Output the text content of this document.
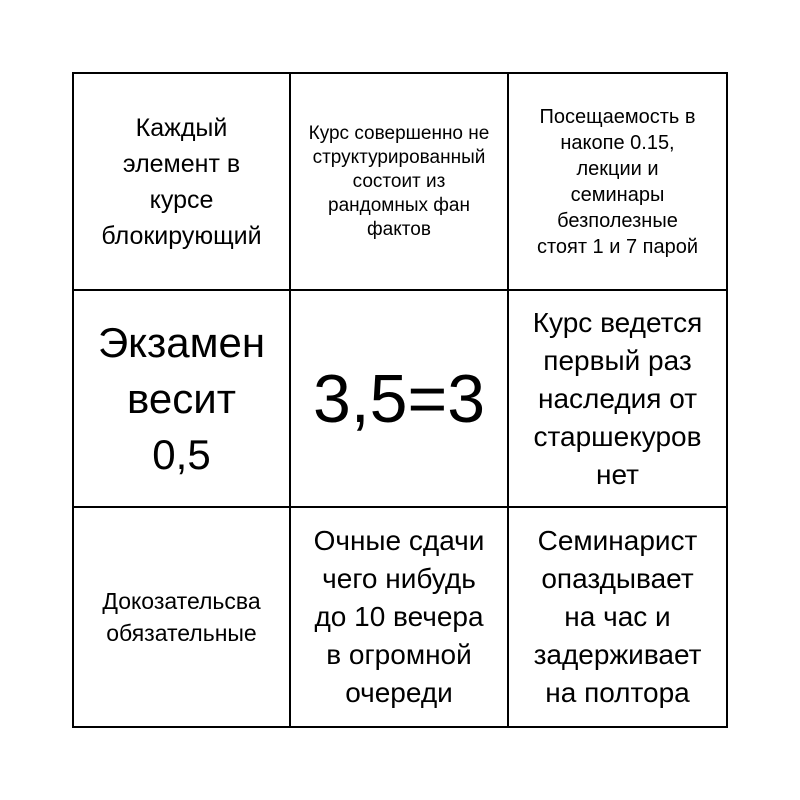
Каждый
элемент в
курсе
блокирующий
Курс совершенно не
структурированный
состоит из
рандомных фан
фактов
Посещаемость в
накопе 0.15,
лекции и
семинары
безполезные
стоят 1 и 7 парой
Экзамен
весит
0,5
3,5=3
Курс ведется
первый раз
наследия от
старшекуров
нет
Докозательсва
обязательные
Очные сдачи
чего нибудь
до 10 вечера
в огромной
очереди
Семинарист
опаздывает
на час и
задерживает
на полтора
